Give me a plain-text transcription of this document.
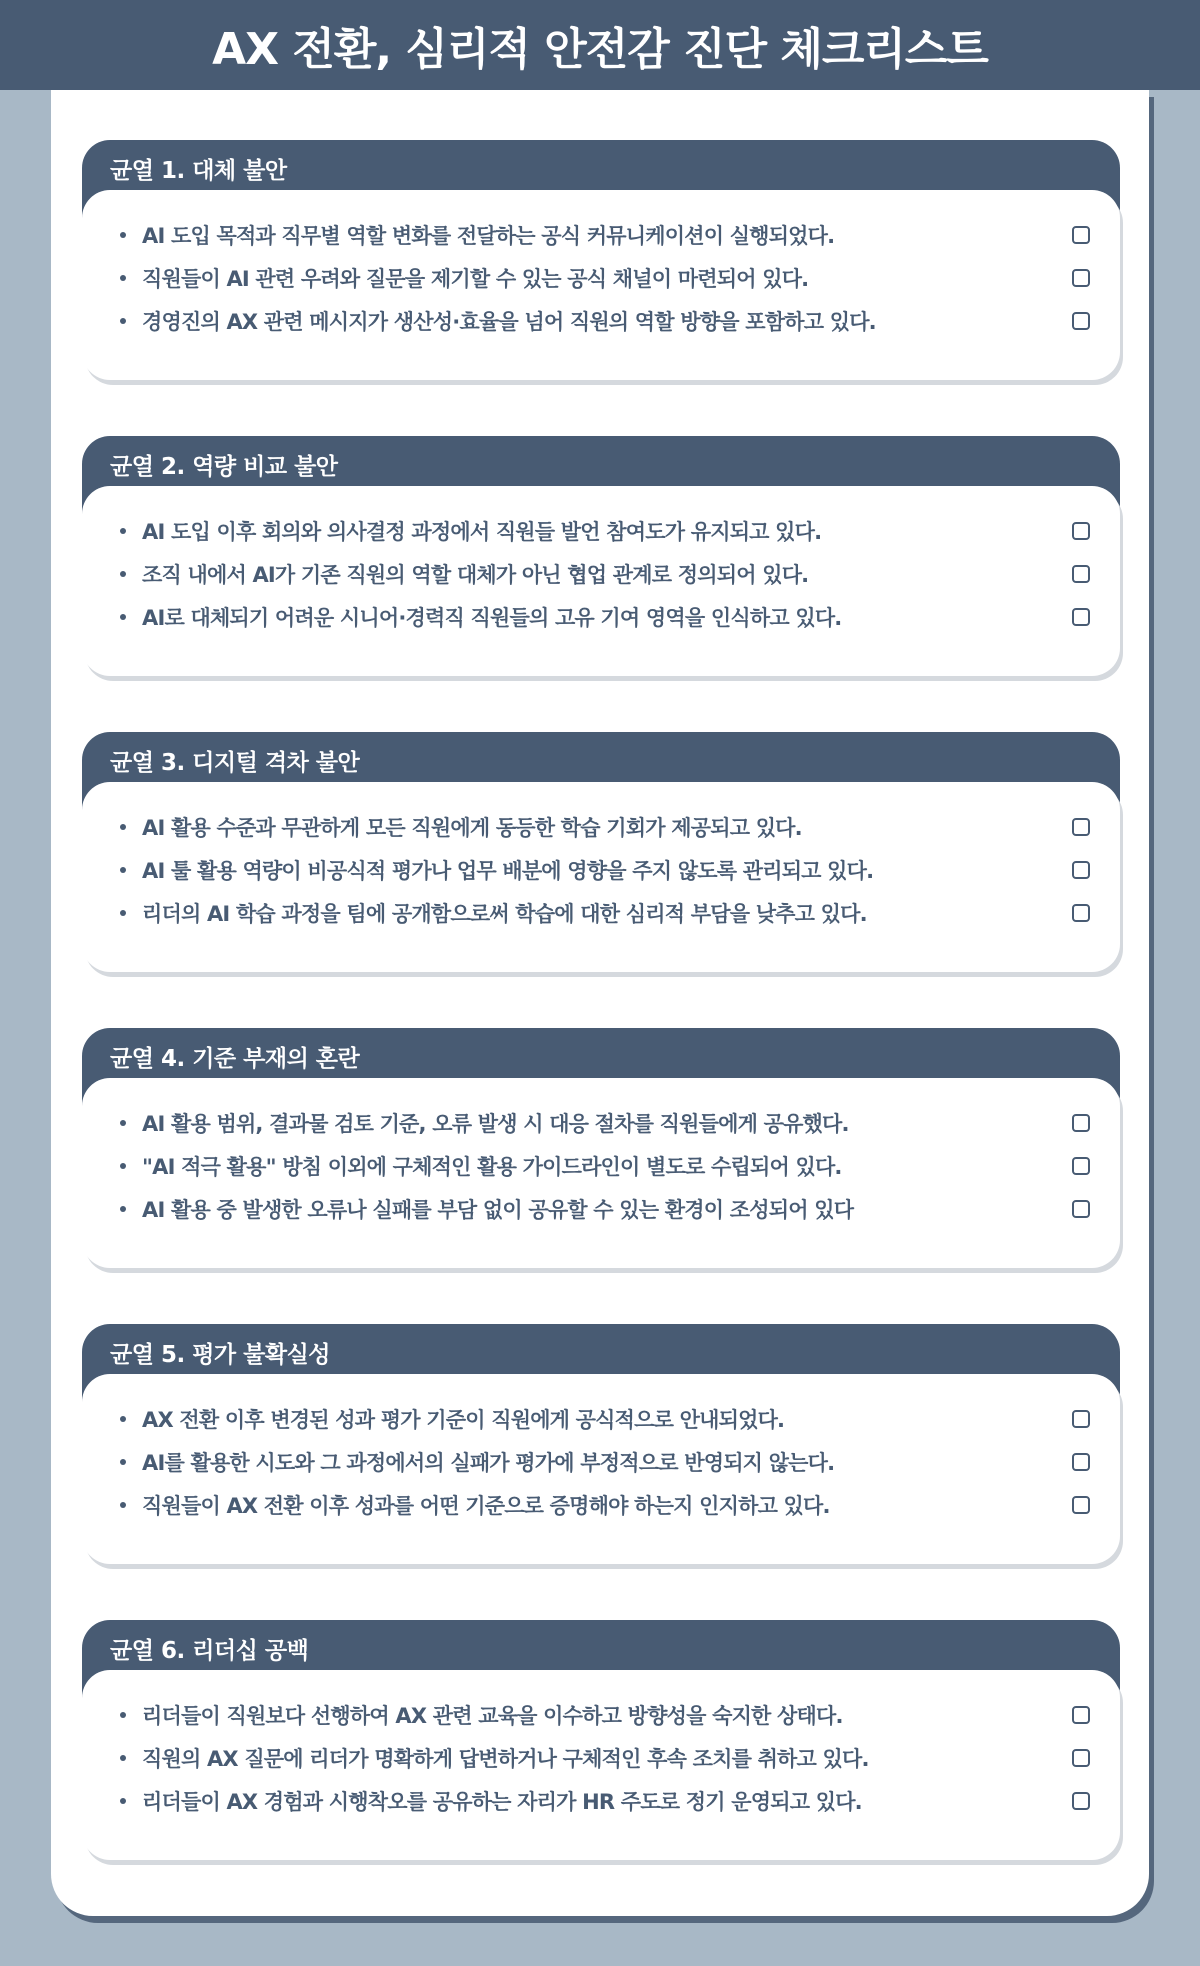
AX 전환, 심리적 안전감 진단 체크리스트
균열 1. 대체 불안
AI 도입 목적과 직무별 역할 변화를 전달하는 공식 커뮤니케이션이 실행되었다.
직원들이 AI 관련 우려와 질문을 제기할 수 있는 공식 채널이 마련되어 있다.
경영진의 AX 관련 메시지가 생산성·효율을 넘어 직원의 역할 방향을 포함하고 있다.
균열 2. 역량 비교 불안
AI 도입 이후 회의와 의사결정 과정에서 직원들 발언 참여도가 유지되고 있다.
조직 내에서 AI가 기존 직원의 역할 대체가 아닌 협업 관계로 정의되어 있다.
AI로 대체되기 어려운 시니어·경력직 직원들의 고유 기여 영역을 인식하고 있다.
균열 3. 디지털 격차 불안
AI 활용 수준과 무관하게 모든 직원에게 동등한 학습 기회가 제공되고 있다.
AI 툴 활용 역량이 비공식적 평가나 업무 배분에 영향을 주지 않도록 관리되고 있다.
리더의 AI 학습 과정을 팀에 공개함으로써 학습에 대한 심리적 부담을 낮추고 있다.
균열 4. 기준 부재의 혼란
AI 활용 범위, 결과물 검토 기준, 오류 발생 시 대응 절차를 직원들에게 공유했다.
"AI 적극 활용" 방침 이외에 구체적인 활용 가이드라인이 별도로 수립되어 있다.
AI 활용 중 발생한 오류나 실패를 부담 없이 공유할 수 있는 환경이 조성되어 있다
균열 5. 평가 불확실성
AX 전환 이후 변경된 성과 평가 기준이 직원에게 공식적으로 안내되었다.
AI를 활용한 시도와 그 과정에서의 실패가 평가에 부정적으로 반영되지 않는다.
직원들이 AX 전환 이후 성과를 어떤 기준으로 증명해야 하는지 인지하고 있다.
균열 6. 리더십 공백
리더들이 직원보다 선행하여 AX 관련 교육을 이수하고 방향성을 숙지한 상태다.
직원의 AX 질문에 리더가 명확하게 답변하거나 구체적인 후속 조치를 취하고 있다.
리더들이 AX 경험과 시행착오를 공유하는 자리가 HR 주도로 정기 운영되고 있다.
